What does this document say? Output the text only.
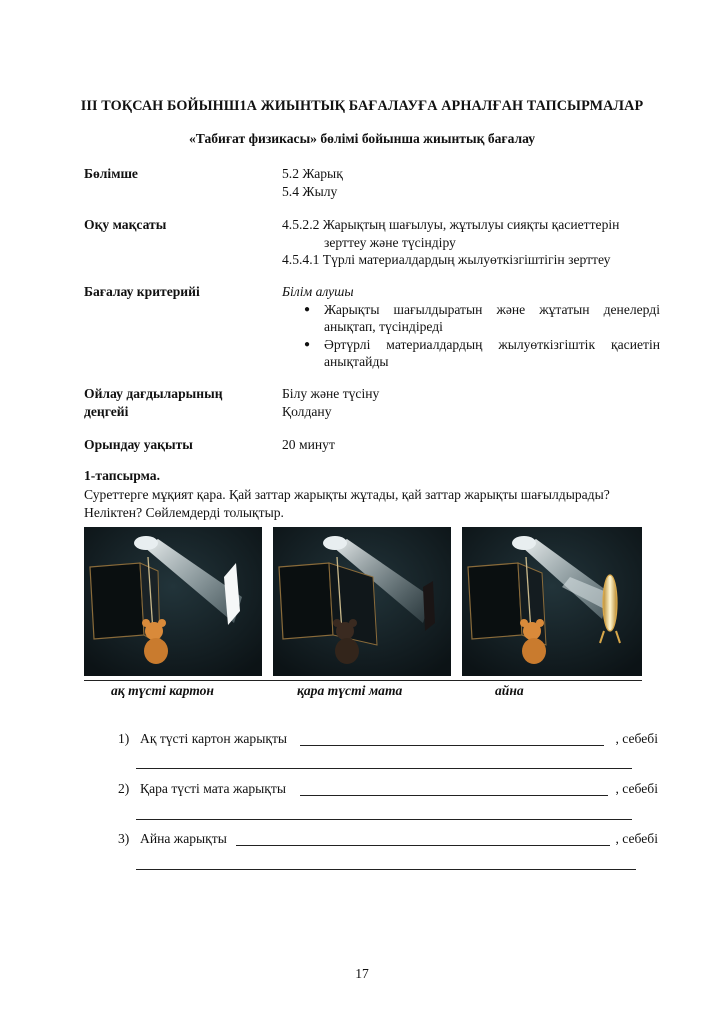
III ТОҚСАН БОЙЫНШ1А ЖИЫНТЫҚ БАҒАЛАУҒА АРНАЛҒАН ТАПСЫРМАЛАР
«Табиғат физикасы» бөлімі бойынша жиынтық бағалау
Бөлімше	5.2 Жарық
5.4 Жылу
Оқу мақсаты	4.5.2.2 Жарықтың шағылуы, жұтылуы сияқты қасиеттерін
зерттеу және түсіндіру
4.5.4.1 Түрлі материалдардың жылуөткізгіштігін зерттеу
Бағалау критерийі	Білім алушы
● Жарықты шағылдыратын және жұтатын денелерді анықтап, түсіндіреді
● Әртүрлі материалдардың жылуөткізгіштік қасиетін анықтайды
Ойлау дағдыларының
деңгейі
Білу және түсіну
Қолдану
Орындау уақыты	20 минут
1-тапсырма.
Суреттерге мұқият қара. Қай заттар жарықты жұтады, қай заттар жарықты шағылдырады? Неліктен? Сөйлемдерді толықтыр.
ақ түсті картон	қара түсті мата	айна
1) Ақ түсті картон жарықты	, себебі
2) Қара түсті мата жарықты	, себебі
3) Айна жарықты	, себебі
17
